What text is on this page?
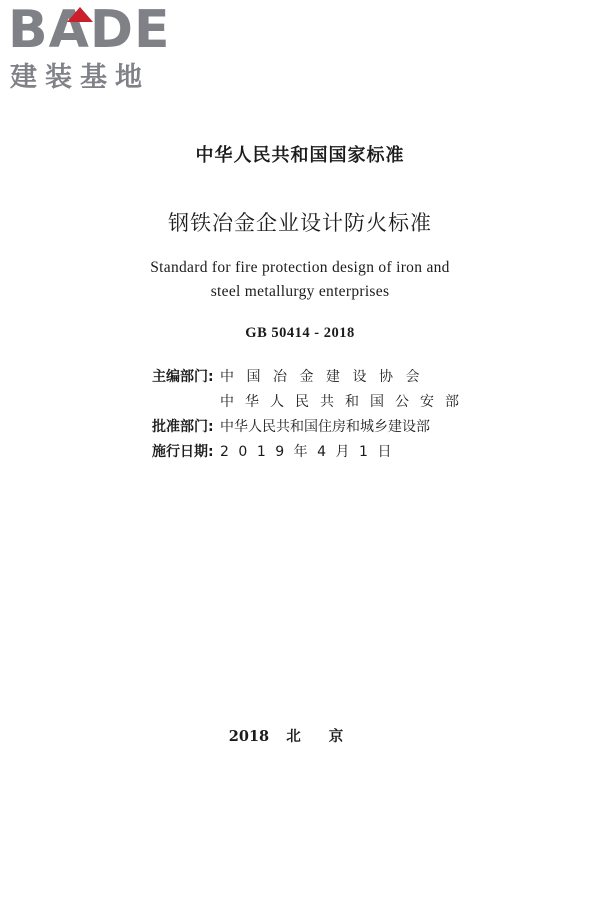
BADE
建装基地
中华人民共和国国家标准
钢铁冶金企业设计防火标准
Standard for fire protection design of iron and
steel metallurgy enterprises
GB 50414 - 2018
主编部门: 中国冶金建设协会
中华人民共和国公安部
批准部门: 中华人民共和国住房和城乡建设部
施行日期: 2019年4月1日
2018 北京
